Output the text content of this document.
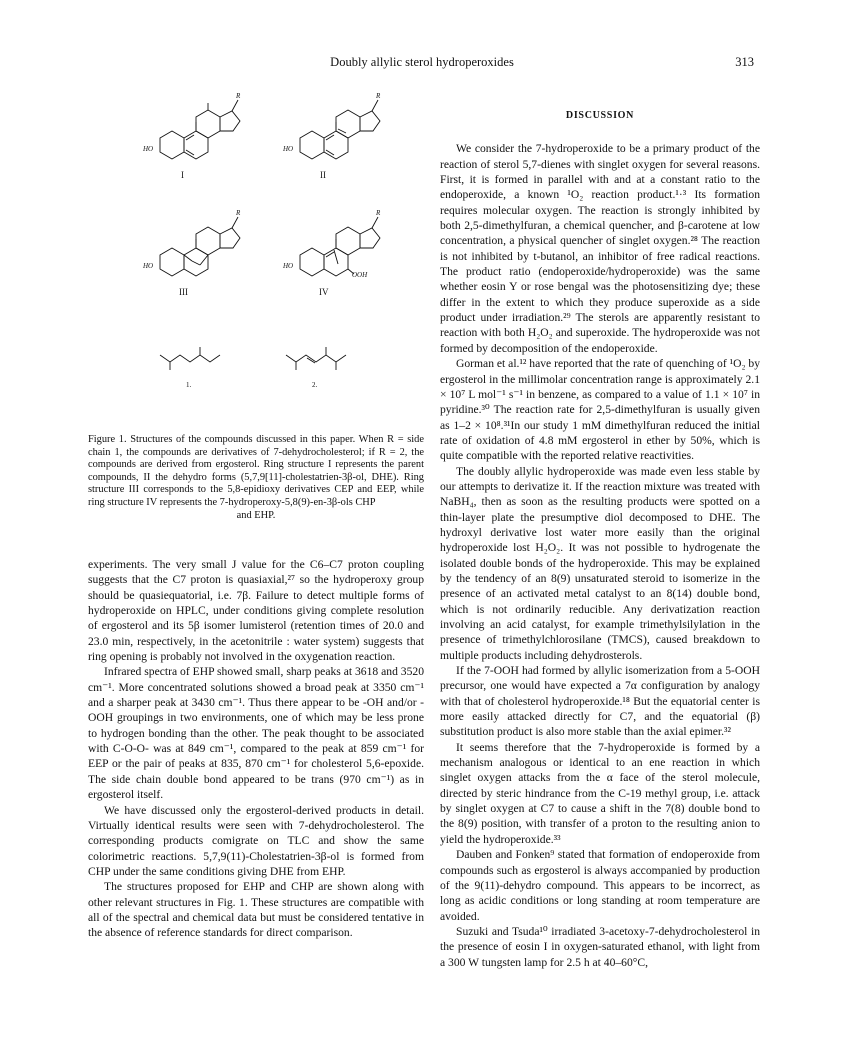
Doubly allylic sterol hydroperoxides	313
R	R
R	R
HO	HO
HO	HO
OOH
I	II
III	IV
1.	2.
Figure 1. Structures of the compounds discussed in this paper. When R = side chain 1, the compounds are derivatives of 7-dehydrocholesterol; if R = 2, the compounds are derived from ergosterol. Ring structure I represents the parent compounds, II the dehydro forms (5,7,9[11]-cholestatrien-3β-ol, DHE). Ring structure III corresponds to the 5,8-epidioxy derivatives CEP and EEP, while ring structure IV represents the 7-hydroperoxy-5,8(9)-en-3β-ols CHP
and EHP.

experiments. The very small J value for the C6–C7 proton coupling suggests that the C7 proton is quasiaxial,²⁷ so the hydroperoxy group should be quasiequatorial, i.e. 7β. Failure to detect multiple forms of hydroperoxide on HPLC, under conditions giving complete resolution of ergosterol and its 5β isomer lumisterol (retention times of 20.0 and 23.0 min, respectively, in the acetonitrile : water system) suggests that ring opening is probably not involved in the oxygenation reaction.

Infrared spectra of EHP showed small, sharp peaks at 3618 and 3520 cm⁻¹. More concentrated solutions showed a broad peak at 3350 cm⁻¹ and a sharper peak at 3430 cm⁻¹. Thus there appear to be -OH and/or -OOH groupings in two environments, one of which may be less prone to hydrogen bonding than the other. The peak thought to be associated with C-O-O- was at 849 cm⁻¹, compared to the peak at 859 cm⁻¹ for EEP or the pair of peaks at 835, 870 cm⁻¹ for cholesterol 5,6-epoxide. The side chain double bond appeared to be trans (970 cm⁻¹) as in ergosterol itself.

We have discussed only the ergosterol-derived products in detail. Virtually identical results were seen with 7-dehydrocholesterol. The corresponding products comigrate on TLC and show the same colorimetric reactions. 5,7,9(11)-Cholestatrien-3β-ol is formed from CHP under the same conditions giving DHE from EHP.

The structures proposed for EHP and CHP are shown along with other relevant structures in Fig. 1. These structures are compatible with all of the spectral and chemical data but must be considered tentative in the absence of reference standards for direct comparison.

DISCUSSION

We consider the 7-hydroperoxide to be a primary product of the reaction of sterol 5,7-dienes with singlet oxygen for several reasons. First, it is formed in parallel with and at a constant ratio to the endoperoxide, a known ¹O₂ reaction product.¹·³ Its formation requires molecular oxygen. The reaction is strongly inhibited by both 2,5-dimethylfuran, a chemical quencher, and β-carotene at low concentration, a physical quencher of singlet oxygen.²⁸ The reaction is not inhibited by t-butanol, an inhibitor of free radical reactions. The product ratio (endoperoxide/hydroperoxide) was the same whether eosin Y or rose bengal was the photosensitizing dye; these differ in the extent to which they produce superoxide as a side product under irradiation.²⁹ The sterols are apparently resistant to reaction with both H₂O₂ and superoxide. The hydroperoxide was not formed by decomposition of the endoperoxide.

Gorman et al.¹² have reported that the rate of quenching of ¹O₂ by ergosterol in the millimolar concentration range is approximately 2.1 × 10⁷ L mol⁻¹ s⁻¹ in benzene, as compared to a value of 1.1 × 10⁷ in pyridine.³⁰ The reaction rate for 2,5-dimethylfuran is usually given as 1–2 × 10⁸.³¹In our study 1 mM dimethylfuran reduced the initial rate of oxidation of 4.8 mM ergosterol in ether by 50%, which is quite compatible with the reported relative reactivities.

The doubly allylic hydroperoxide was made even less stable by our attempts to derivatize it. If the reaction mixture was treated with NaBH₄, then as soon as the resulting products were spotted on a thin-layer plate the presumptive diol decomposed to DHE. The hydroxyl derivative lost water more easily than the original hydroperoxide lost H₂O₂. It was not possible to hydrogenate the isolated double bonds of the hydroperoxide. This may be explained by the tendency of an 8(9) unsaturated steroid to isomerize in the presence of an activated metal catalyst to an 8(14) double bond, which is not ordinarily reducible. Any derivatization reaction involving an acid catalyst, for example trimethylsilylation in the presence of trimethylchlorosilane (TMCS), caused breakdown to multiple products including dehydrosterols.

If the 7-OOH had formed by allylic isomerization from a 5-OOH precursor, one would have expected a 7α configuration by analogy with that of cholesterol hydroperoxide.¹⁸ But the equatorial center is more easily attacked directly for C7, and the equatorial (β) substitution product is also more stable than the axial epimer.³²

It seems therefore that the 7-hydroperoxide is formed by a mechanism analogous or identical to an ene reaction in which singlet oxygen attacks from the α face of the sterol molecule, directed by steric hindrance from the C-19 methyl group, i.e. attack by singlet oxygen at C7 to cause a shift in the 7(8) double bond to the 8(9) position, with transfer of a proton to the resulting anion to yield the hydroperoxide.³³

Dauben and Fonken⁹ stated that formation of endoperoxide from compounds such as ergosterol is always accompanied by production of the 9(11)-dehydro compound. This appears to be incorrect, as long as acidic conditions or long standing at room temperature are avoided.

Suzuki and Tsuda¹⁰ irradiated 3-acetoxy-7-dehydrocholesterol in the presence of eosin I in oxygen-saturated ethanol, with light from a 300 W tungsten lamp for 2.5 h at 40–60°C,
